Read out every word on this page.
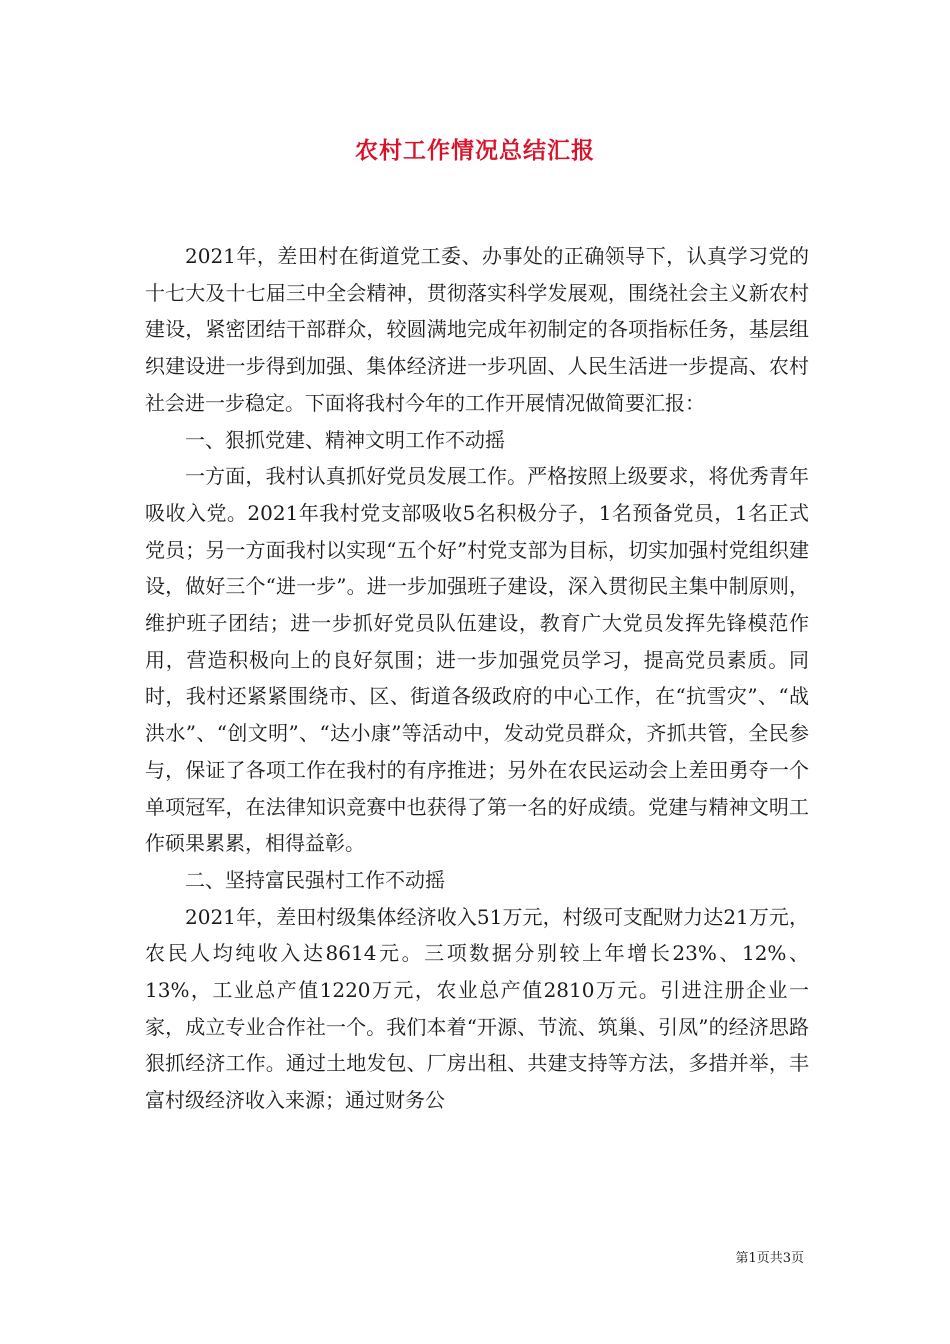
农村工作情况总结汇报

2021年，差田村在街道党工委、办事处的正确领导下，认真学习党的十七大及十七届三中全会精神，贯彻落实科学发展观，围绕社会主义新农村建设，紧密团结干部群众，较圆满地完成年初制定的各项指标任务，基层组织建设进一步得到加强、集体经济进一步巩固、人民生活进一步提高、农村社会进一步稳定。下面将我村今年的工作开展情况做简要汇报：

一、狠抓党建、精神文明工作不动摇

一方面，我村认真抓好党员发展工作。严格按照上级要求，将优秀青年吸收入党。2021年我村党支部吸收5名积极分子，1名预备党员，1名正式党员；另一方面我村以实现“五个好”村党支部为目标，切实加强村党组织建设，做好三个“进一步”。进一步加强班子建设，深入贯彻民主集中制原则，维护班子团结；进一步抓好党员队伍建设，教育广大党员发挥先锋模范作用，营造积极向上的良好氛围；进一步加强党员学习，提高党员素质。同时，我村还紧紧围绕市、区、街道各级政府的中心工作，在“抗雪灾”、“战洪水”、“创文明”、“达小康”等活动中，发动党员群众，齐抓共管，全民参与，保证了各项工作在我村的有序推进；另外在农民运动会上差田勇夺一个单项冠军，在法律知识竞赛中也获得了第一名的好成绩。党建与精神文明工作硕果累累，相得益彰。

二、坚持富民强村工作不动摇

2021年，差田村级集体经济收入51万元，村级可支配财力达21万元，农民人均纯收入达8614元。三项数据分别较上年增长23%、12%、13%，工业总产值1220万元，农业总产值2810万元。引进注册企业一家，成立专业合作社一个。我们本着“开源、节流、筑巢、引凤”的经济思路狠抓经济工作。通过土地发包、厂房出租、共建支持等方法，多措并举，丰富村级经济收入来源；通过财务公

第1页共3页
